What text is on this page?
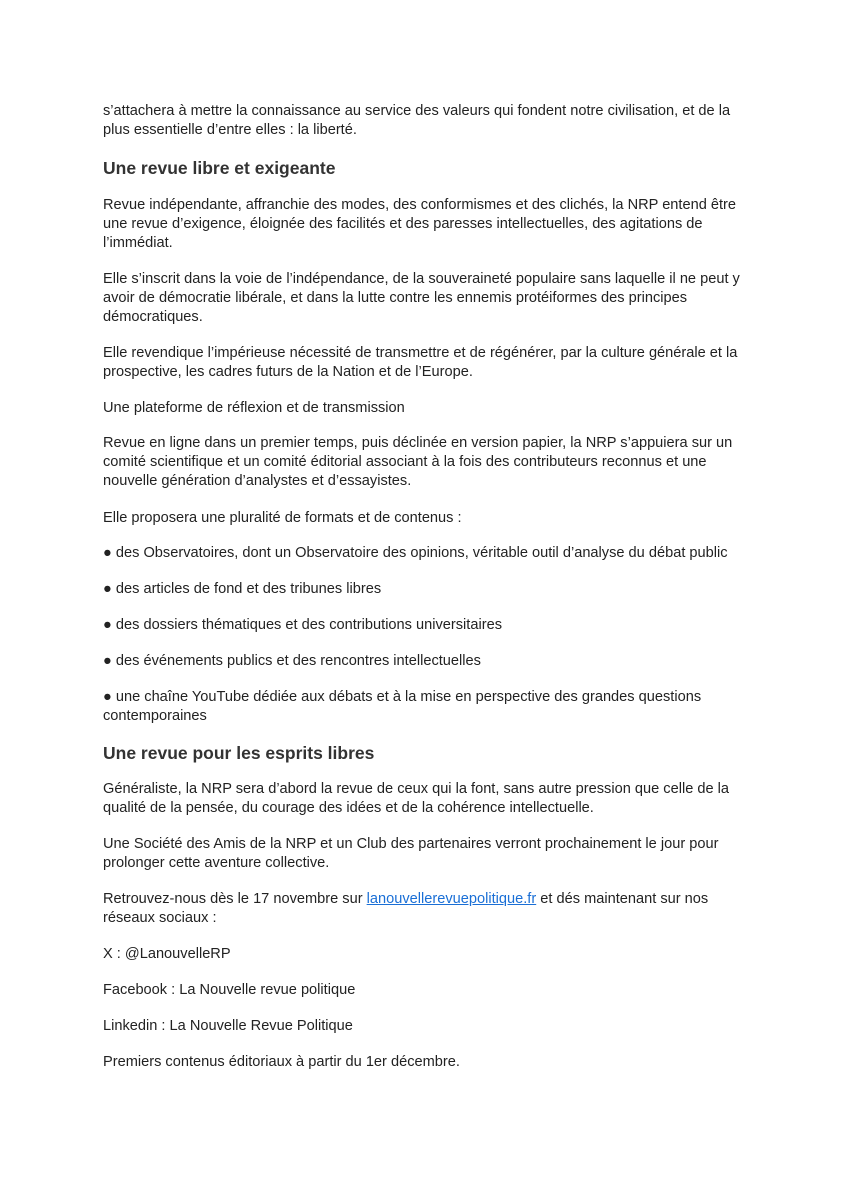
s’attachera à mettre la connaissance au service des valeurs qui fondent notre civilisation, et de la plus essentielle d’entre elles : la liberté.

Une revue libre et exigeante

Revue indépendante, affranchie des modes, des conformismes et des clichés, la NRP entend être une revue d’exigence, éloignée des facilités et des paresses intellectuelles, des agitations de l’immédiat.

Elle s’inscrit dans la voie de l’indépendance, de la souveraineté populaire sans laquelle il ne peut y avoir de démocratie libérale, et dans la lutte contre les ennemis protéiformes des principes démocratiques.

Elle revendique l’impérieuse nécessité de transmettre et de régénérer, par la culture générale et la prospective, les cadres futurs de la Nation et de l’Europe.

Une plateforme de réflexion et de transmission

Revue en ligne dans un premier temps, puis déclinée en version papier, la NRP s’appuiera sur un comité scientifique et un comité éditorial associant à la fois des contributeurs reconnus et une nouvelle génération d’analystes et d’essayistes.

Elle proposera une pluralité de formats et de contenus :

● des Observatoires, dont un Observatoire des opinions, véritable outil d’analyse du débat public

● des articles de fond et des tribunes libres

● des dossiers thématiques et des contributions universitaires

● des événements publics et des rencontres intellectuelles

● une chaîne YouTube dédiée aux débats et à la mise en perspective des grandes questions contemporaines

Une revue pour les esprits libres

Généraliste, la NRP sera d’abord la revue de ceux qui la font, sans autre pression que celle de la qualité de la pensée, du courage des idées et de la cohérence intellectuelle.

Une Société des Amis de la NRP et un Club des partenaires verront prochainement le jour pour prolonger cette aventure collective.

Retrouvez-nous dès le 17 novembre sur lanouvellerevuepolitique.fr et dés maintenant sur nos réseaux sociaux :

X : @LanouvelleRP

Facebook : La Nouvelle revue politique

Linkedin : La Nouvelle Revue Politique

Premiers contenus éditoriaux à partir du 1er décembre.
